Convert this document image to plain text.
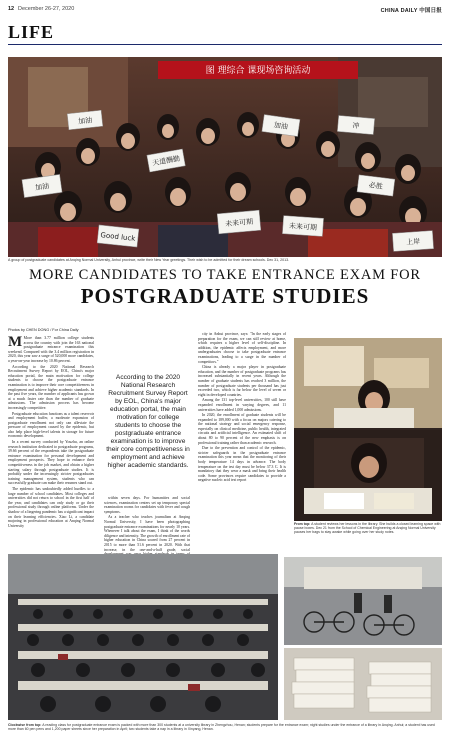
12 December 26-27, 2020	CHINA DAILY 中国日报
LIFE
图 理综合 课现场咨询活动
加油
Good luck
未来可期	未来可期
天道酬勤
加油
加油
冲
上岸
必胜
A group of postgraduate candidates at Anqing Normal University, Anhui province, write their New Year greetings. Their wish to be admitted for their dream schools. Dec 31, 2013.
MORE CANDIDATES TO TAKE ENTRANCE EXAM FOR
POSTGRADUATE STUDIES
Photos by CHEN DONG / For China Daily

M More than 3.77 million college students across the country with join the 163 national postgraduate entrance examination this weekend. Compared with the 3.4 million registration in 2020, this year saw a surge of 520,000 more candidates, a year-on-year increase by 10.86 percent.

According to the 2020 National Research Recruitment Survey Report by EOL, China's major education portal, the main motivation for college students to choose the postgraduate entrance examination is to improve their core competitiveness in employment and achieve higher academic standards. In the past five years, the number of applicants has grown at a much faster rate than the number of graduate admissions. The admission process has become increasingly competitive.

Postgraduate education functions as a talent reservoir and employment buffer, a moderate expansion of postgraduate enrollment not only can alleviate the pressure of employment caused by the epidemic, but also help place high-level talents in storage for future economic development.

In a recent survey conducted by Youzhu, an online research institution dedicated to postgraduate programs, 39.66 percent of the respondents take the postgraduate entrance examination for personal development and employment prospects. They hope to enhance their competitiveness in the job market, and obtain a higher starting salary through postgraduate studies. It is probably under the increasingly stricter postgraduates training management system, students who can successfully graduate can make their resumes stand out.

The epidemic has undoubtedly added hurdles to a large number of school candidates. Most colleges and universities did not return to school in the first half of the year, and candidates can only study or go their professional study through online platforms. Under the shadow of a lingering pandemic has a significant impact on their learning efficiencies. Xiao Li, a candidate majoring in professional education at Anqing Normal University

According to the 2020 National Research Recruitment Survey Report by EOL, China's major education portal, the main motivation for college students to choose the postgraduate entrance examination is to improve their core competitiveness in employment and achieve higher academic standards.

within seven days. For humanities and social sciences, examination centers set up temporary special examination rooms for candidates with fever and cough symptoms.

As a teacher who teaches journalism at Anqing Normal University, I have been photographing postgraduate entrance examinations for nearly 10 years. Whenever I talk about the exam, I think of the words diligence and intensity. The growth of enrollment rate of higher education in China soared from 27 percent in 2015 to more than 51.6 percent in 2020. With that increase, in the one-and-a-half grade, social

city in Anhui province, says: "In the early stages of preparation for the exam, we can still review at home, which requires a higher level of self-discipline. In addition, the epidemic affects employment, and more undergraduates choose to take postgraduate entrance examinations, leading to a surge in the number of competitors."

China is already a major player in postgraduate education, and the number of postgraduate programs has increased substantially in recent years. Although the number of graduate students has reached 3 million, the number of postgraduate students per thousand has just exceeded two, which is far below the level of seven or eight in developed countries.

Among the 131 top-level universities, 100 still have expanded enrollment in varying degrees, and 11 universities have added 1,000 admissions.

In 2020, the enrollment of graduate students will be expanded to 189,000 with a focus on majors catering to the national strategy and social emergency response, especially on clinical medicine, public health, integrated circuits and artificial intelligence. An estimated shift of about 80 to 90 percent of the new emphasis is on professional training rather than academic research.

Due to the prevention and control of the epidemic, stricter safeguards in the postgraduate entrance examination this year mean that the monitoring of their body temperature 14 days in advance. The body temperature on the test day must be below 37.3 C. It is mandatory that they wear a mask and bring their health code. Some provinces require candidates to provide a negative nucleic acid test report

From top: A student reviews her lessons in the library. She builds a closed learning space with pause boxes. Dec 21 from the School of Chemical Engineering at Anqing Normal University pauses her bags to stay awake while going over her study notes.
Clockwise from top: A reading class for postgraduate entrance exam is packed with more than 300 students at a university library in Zhengzhou, Henan; students prepare for the entrance exam; night studies under the entrance of a library in Anqing. Anhui; a student has used more than 60 pen pens and 1,200 paper sheets since her preparation in April; two students take a nap in a library in Xinyang, Henan.
